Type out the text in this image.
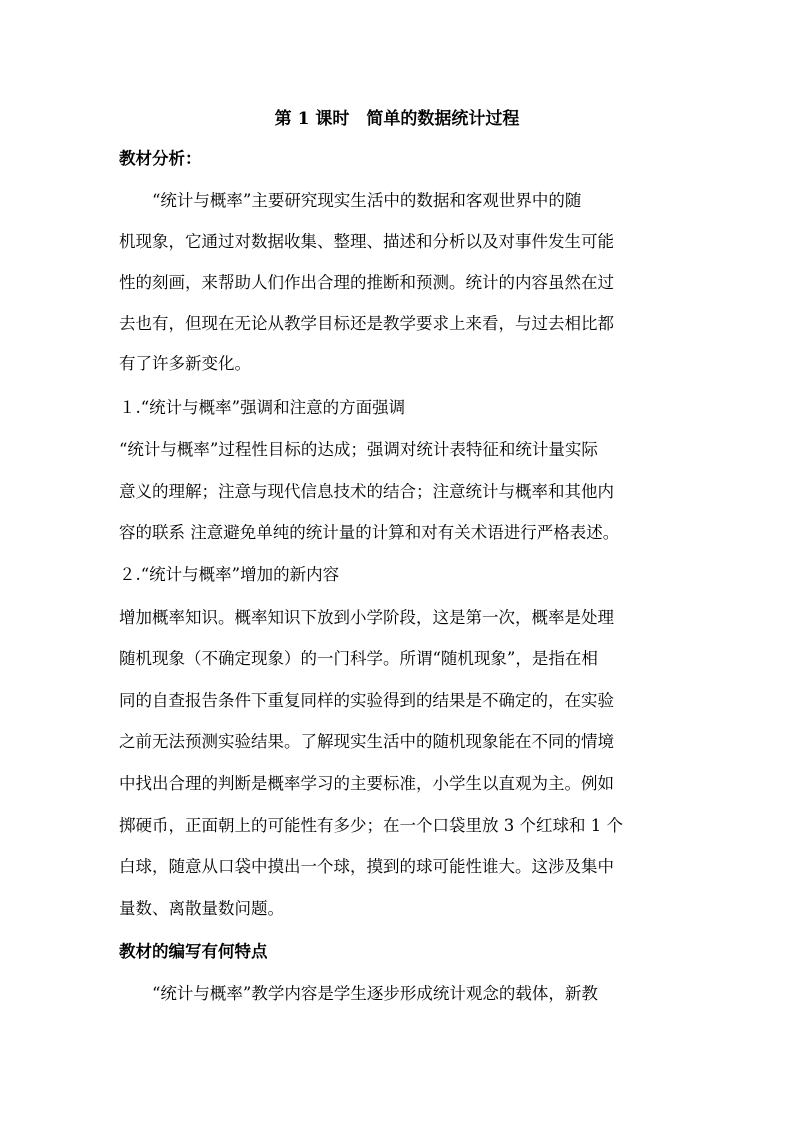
第 1 课时　简单的数据统计过程
教材分析：
　　“统计与概率”主要研究现实生活中的数据和客观世界中的随
机现象，它通过对数据收集、整理、描述和分析以及对事件发生可能
性的刻画，来帮助人们作出合理的推断和预测。统计的内容虽然在过
去也有，但现在无论从教学目标还是教学要求上来看，与过去相比都
有了许多新变化。
１.“统计与概率”强调和注意的方面强调
“统计与概率”过程性目标的达成；强调对统计表特征和统计量实际
意义的理解；注意与现代信息技术的结合；注意统计与概率和其他内
容的联系 注意避免单纯的统计量的计算和对有关术语进行严格表述。
２.“统计与概率”增加的新内容
增加概率知识。概率知识下放到小学阶段，这是第一次，概率是处理
随机现象（不确定现象）的一门科学。所谓“随机现象”，是指在相
同的自查报告条件下重复同样的实验得到的结果是不确定的，在实验
之前无法预测实验结果。了解现实生活中的随机现象能在不同的情境
中找出合理的判断是概率学习的主要标准，小学生以直观为主。例如
掷硬币，正面朝上的可能性有多少；在一个口袋里放 3 个红球和 1 个
白球，随意从口袋中摸出一个球，摸到的球可能性谁大。这涉及集中
量数、离散量数问题。
教材的编写有何特点
　　“统计与概率”教学内容是学生逐步形成统计观念的载体，新教
